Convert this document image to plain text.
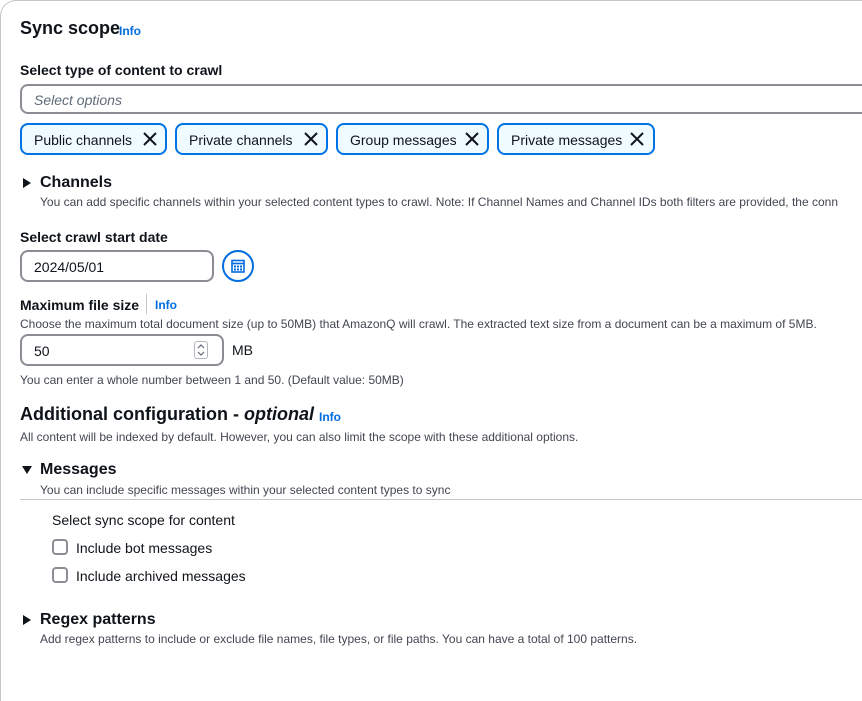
Sync scope
Info
Select type of content to crawl
Select options
Public channels	Private channels	Group messages	Private messages
Channels
You can add specific channels within your selected content types to crawl. Note: If Channel Names and Channel IDs both filters are provided, the conn
Select crawl start date
2024/05/01
Maximum file size Info
Choose the maximum total document size (up to 50MB) that AmazonQ will crawl. The extracted text size from a document can be a maximum of 5MB.
50	MB
You can enter a whole number between 1 and 50. (Default value: 50MB)
Additional configuration - optional Info
All content will be indexed by default. However, you can also limit the scope with these additional options.
Messages
You can include specific messages within your selected content types to sync
Select sync scope for content
Include bot messages
Include archived messages
Regex patterns
Add regex patterns to include or exclude file names, file types, or file paths. You can have a total of 100 patterns.
